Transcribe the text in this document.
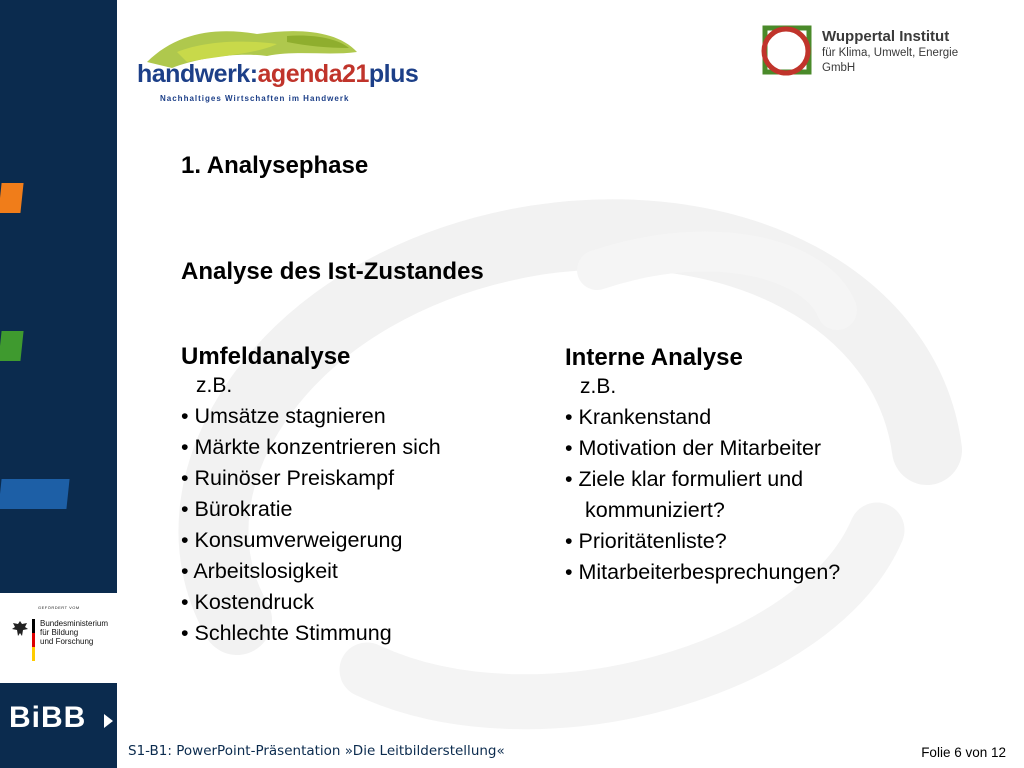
GEFÖRDERT VOM
Bundesministerium
für Bildung
und Forschung
BiBB
handwerk:agenda21plus
Nachhaltiges Wirtschaften im Handwerk
Wuppertal Institut
für Klima, Umwelt, Energie
GmbH
1. Analysephase
Analyse des Ist-Zustandes
Umfeldanalyse
z.B.
• Umsätze stagnieren
• Märkte konzentrieren sich
• Ruinöser Preiskampf
• Bürokratie
• Konsumverweigerung
• Arbeitslosigkeit
• Kostendruck
• Schlechte Stimmung
Interne Analyse
z.B.
• Krankenstand
• Motivation der Mitarbeiter
• Ziele klar formuliert und
kommuniziert?
• Prioritätenliste?
• Mitarbeiterbesprechungen?
S1-B1: PowerPoint-Präsentation »Die Leitbilderstellung«	Folie 6 von 12
